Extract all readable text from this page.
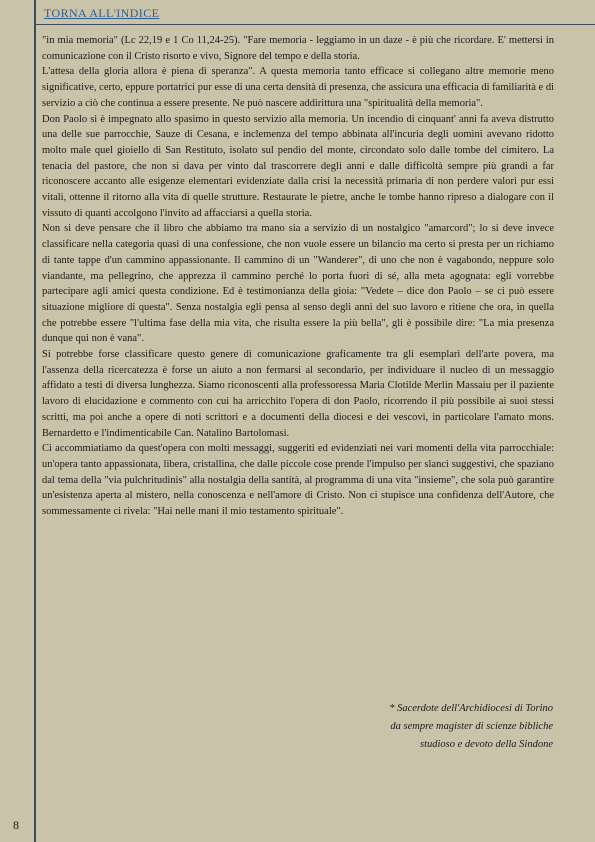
TORNA ALL'INDICE

"in mia memoria" (Lc 22,19 e 1 Co 11,24-25). "Fare memoria - leggiamo in un daze - è più che ricordare. E' mettersi in comunicazione con il Cristo risorto e vivo, Signore del tempo e della storia.

L'attesa della gloria allora è piena di speranza". A questa memoria tanto efficace si collegano altre memorie meno significative, certo, eppure portatrici pur esse di una certa densità di presenza, che assicura una efficacia di familiarità e di servizio a ciò che continua a essere presente. Ne può nascere addirittura una "spiritualità della memoria".

Don Paolo si è impegnato allo spasimo in questo servizio alla memoria. Un incendio di cinquant' anni fa aveva distrutto una delle sue parrocchie, Sauze di Cesana, e inclemenza del tempo abbinata all'incuria degli uomini avevano ridotto molto male quel gioiello di San Restituto, isolato sul pendio del monte, circondato solo dalle tombe del cimitero. La tenacia del pastore, che non si dava per vinto dal trascorrere degli anni e dalle difficoltà sempre più grandi a far riconoscere accanto alle esigenze elementari evidenziate dalla crisi la necessità primaria di non perdere valori pur essi vitali, ottenne il ritorno alla vita di quelle strutture. Restaurate le pietre, anche le tombe hanno ripreso a dialogare con il vissuto di quanti accolgono l'invito ad affacciarsi a quella storia.

Non si deve pensare che il libro che abbiamo tra mano sia a servizio di un nostalgico "amarcord"; lo si deve invece classificare nella categoria quasi di una confessione, che non vuole essere un bilancio ma certo si presta per un richiamo di tante tappe d'un cammino appassionante. Il cammino di un "Wanderer", di uno che non è vagabondo, neppure solo viandante, ma pellegrino, che apprezza il cammino perché lo porta fuori di sé, alla meta agognata: egli vorrebbe partecipare agli amici questa condizione. Ed è testimonianza della gioia: "Vedete – dice don Paolo – se ci può essere situazione migliore di questa". Senza nostalgia egli pensa al senso degli anni del suo lavoro e ritiene che ora, in quella che potrebbe essere "l'ultima fase della mia vita, che risulta essere la più bella", gli è possibile dire: "La mia presenza dunque qui non è vana".

Si potrebbe forse classificare questo genere di comunicazione graficamente tra gli esemplari dell'arte povera, ma l'assenza della ricercatezza è forse un aiuto a non fermarsi al secondario, per individuare il nucleo di un messaggio affidato a testi di diversa lunghezza. Siamo riconoscenti alla professoressa Maria Clotilde Merlin Massaiu per il paziente lavoro di elucidazione e commento con cui ha arricchito l'opera di don Paolo, ricorrendo il più possibile ai suoi stessi scritti, ma poi anche a opere di noti scrittori e a documenti della diocesi e dei vescovi, in particolare l'amato mons. Bernardetto e l'indimenticabile Can. Natalino Bartolomasi.

Ci accommiatiamo da quest'opera con molti messaggi, suggeriti ed evidenziati nei vari momenti della vita parrocchiale: un'opera tanto appassionata, libera, cristallina, che dalle piccole cose prende l'impulso per slanci suggestivi, che spaziano dal tema della "via pulchritudinis" alla nostalgia della santità, al programma di una vita "insieme", che sola può garantire un'esistenza aperta al mistero, nella conoscenza e nell'amore di Cristo. Non ci stupisce una confidenza dell'Autore, che sommessamente ci rivela: "Hai nelle mani il mio testamento spirituale".

* Sacerdote dell'Archidiocesi di Torino
da sempre magister di scienze bibliche
studioso e devoto della Sindone
8
